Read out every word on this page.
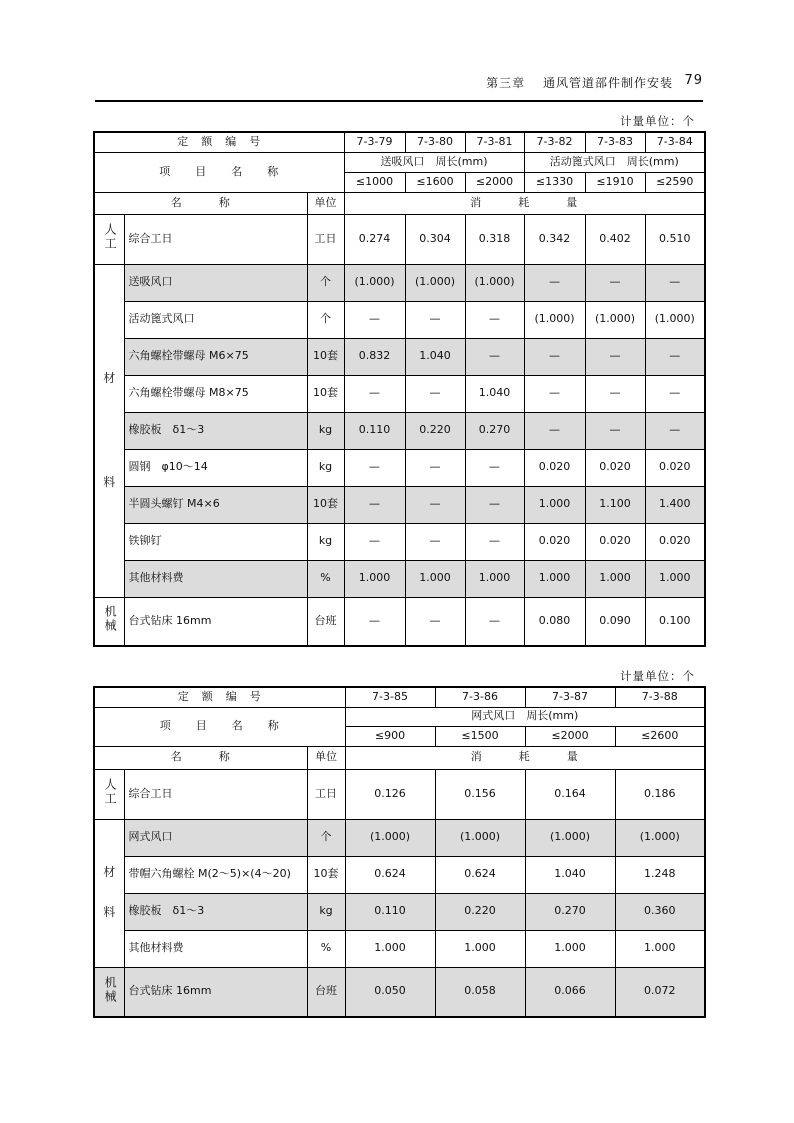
第三章　 通风管道部件制作安装 79
计量单位：个
定　额　编　号			7-3-79	7-3-80	7-3-81	7-3-82	7-3-83	7-3-84
项　　目　　名　　称			送吸风口　周长(mm)			活动篦式风口　周长(mm)		
			≤1000	≤1600	≤2000	≤1330	≤1910	≤2590
名　　　称		单位	消　　　耗　　　量					
人工	综合工日	工日	0.274	0.304	0.318	0.342	0.402	0.510

材
料	送吸风口	个	(1.000)	(1.000)	(1.000)	—	—	—
	活动篦式风口	个	—	—	—	(1.000)	(1.000)	(1.000)
	六角螺栓带螺母 M6×75	10套	0.832	1.040	—	—	—	—
	六角螺栓带螺母 M8×75	10套	—	—	1.040	—	—	—
	橡胶板　δ1～3	kg	0.110	0.220	0.270	—	—	—
	圆钢　φ10～14	kg	—	—	—	0.020	0.020	0.020
	半圆头螺钉 M4×6	10套	—	—	—	1.000	1.100	1.400
	铁铆钉	kg	—	—	—	0.020	0.020	0.020
	其他材料费	%	1.000	1.000	1.000	1.000	1.000	1.000
机械	台式钻床 16mm	台班	—	—	—	0.080	0.090	0.100
计量单位：个
定　额　编　号			7-3-85	7-3-86	7-3-87	7-3-88
项　　目　　名　　称			网式风口　周长(mm)			
			≤900	≤1500	≤2000	≤2600
名　　　称		单位	消　　　耗　　　量			
人工	综合工日	工日	0.126	0.156	0.164	0.186

材
料	网式风口	个	(1.000)	(1.000)	(1.000)	(1.000)
	带帽六角螺栓 M(2～5)×(4～20)	10套	0.624	0.624	1.040	1.248
	橡胶板　δ1～3	kg	0.110	0.220	0.270	0.360
	其他材料费	%	1.000	1.000	1.000	1.000
机械	台式钻床 16mm	台班	0.050	0.058	0.066	0.072
